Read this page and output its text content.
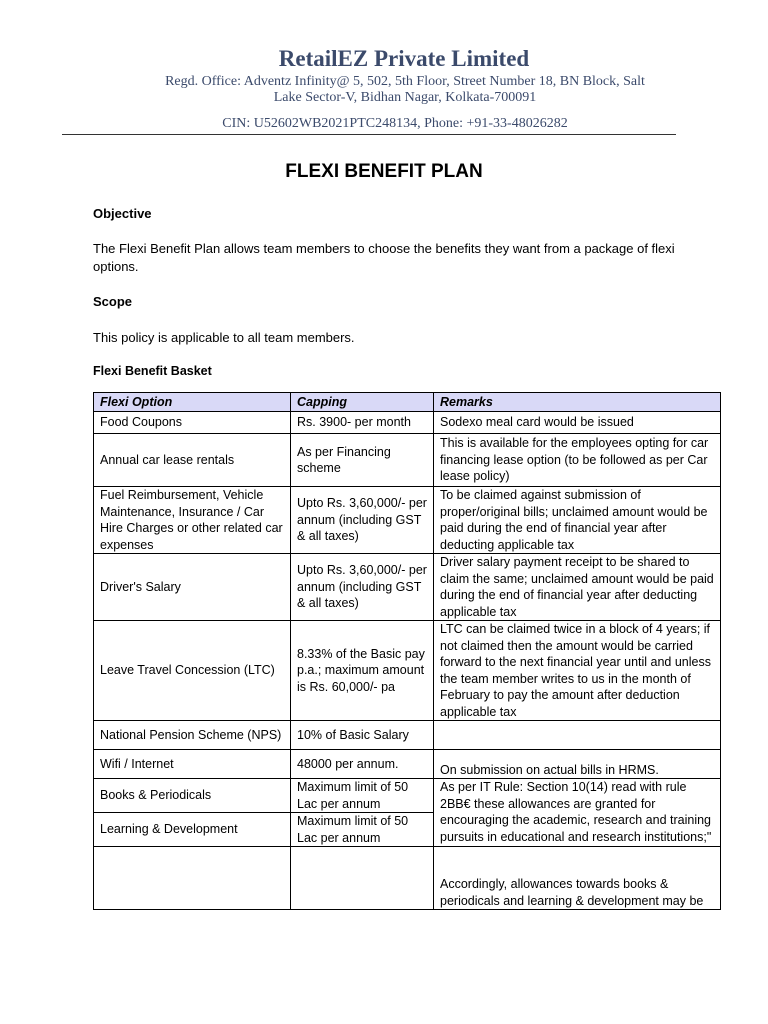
RetailEZ Private Limited
Regd. Office: Adventz Infinity@ 5, 502, 5th Floor, Street Number 18, BN Block, Salt
Lake Sector-V, Bidhan Nagar, Kolkata-700091
CIN: U52602WB2021PTC248134, Phone: +91-33-48026282
FLEXI BENEFIT PLAN
Objective
The Flexi Benefit Plan allows team members to choose the benefits they want from a package of flexi options.
Scope
This policy is applicable to all team members.
Flexi Benefit Basket
Flexi Option	Capping	Remarks
Food Coupons	Rs. 3900- per month	Sodexo meal card would be issued
Annual car lease rentals	As per Financing scheme	This is available for the employees opting for car financing lease option (to be followed as per Car lease policy)
Fuel Reimbursement, Vehicle Maintenance, Insurance / Car Hire Charges or other related car expenses	Upto Rs. 3,60,000/- per annum (including GST & all taxes)	To be claimed against submission of proper/original bills; unclaimed amount would be paid during the end of financial year after deducting applicable tax
Driver's Salary	Upto Rs. 3,60,000/- per annum (including GST & all taxes)	Driver salary payment receipt to be shared to claim the same; unclaimed amount would be paid during the end of financial year after deducting applicable tax
Leave Travel Concession (LTC)	8.33% of the Basic pay p.a.; maximum amount is Rs. 60,000/- pa	LTC can be claimed twice in a block of 4 years; if not claimed then the amount would be carried forward to the next financial year until and unless the team member writes to us in the month of February to pay the amount after deduction applicable tax
National Pension Scheme (NPS)	10% of Basic Salary	
Wifi / Internet	48000 per annum.	On submission on actual bills in HRMS.
Books & Periodicals	Maximum limit of 50 Lac per annum	As per IT Rule: Section 10(14) read with rule 2BB€ these allowances are granted for encouraging the academic, research and training pursuits in educational and research institutions;"
Learning & Development	Maximum limit of 50 Lac per annum	
		Accordingly, allowances towards books & periodicals and learning & development may be
